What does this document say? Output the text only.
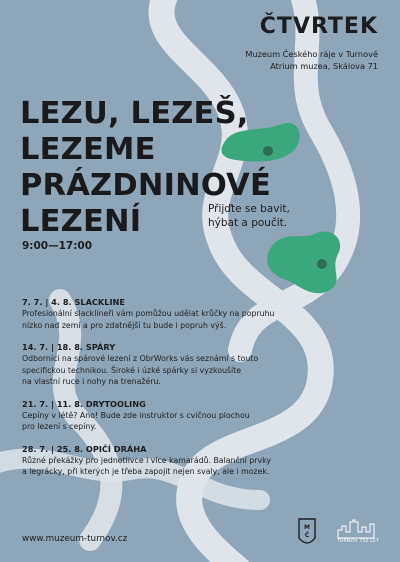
ČTVRTEK
Muzeum Českého ráje v Turnově
Atrium muzea, Skálova 71
LEZU, LEZEŠ,
LEZEME
PRÁZDNINOVÉ
LEZENÍ	Přijďte se bavit,
hýbat a poučit.
9:00—17:00
7. 7. | 4. 8. SLACKLINE
Profesionální slacklineři vám pomůžou udělat krůčky na popruhu
nízko nad zemí a pro zdatnější tu bude i popruh výš.
14. 7. | 18. 8. SPÁRY
Odborníci na spárové lezení z ObrWorks vás seznámí s touto
specifickou technikou. Široké i úzké spárky si vyzkoušíte
na vlastní ruce i nohy na trenažéru.
21. 7. | 11. 8. DRYTOOLING
Cepíny v létě? Ano! Bude zde instruktor s cvičnou plochou
pro lezení s cepíny.
28. 7. | 25. 8. OPIČÍ DRÁHA
Různé překážky pro jednotlivce i více kamarádů. Balanční prvky
a legrácky, při kterých je třeba zapojit nejen svaly, ale i mozek.
www.muzeum-turnov.cz
M
Č
TURNOV 750 LET
